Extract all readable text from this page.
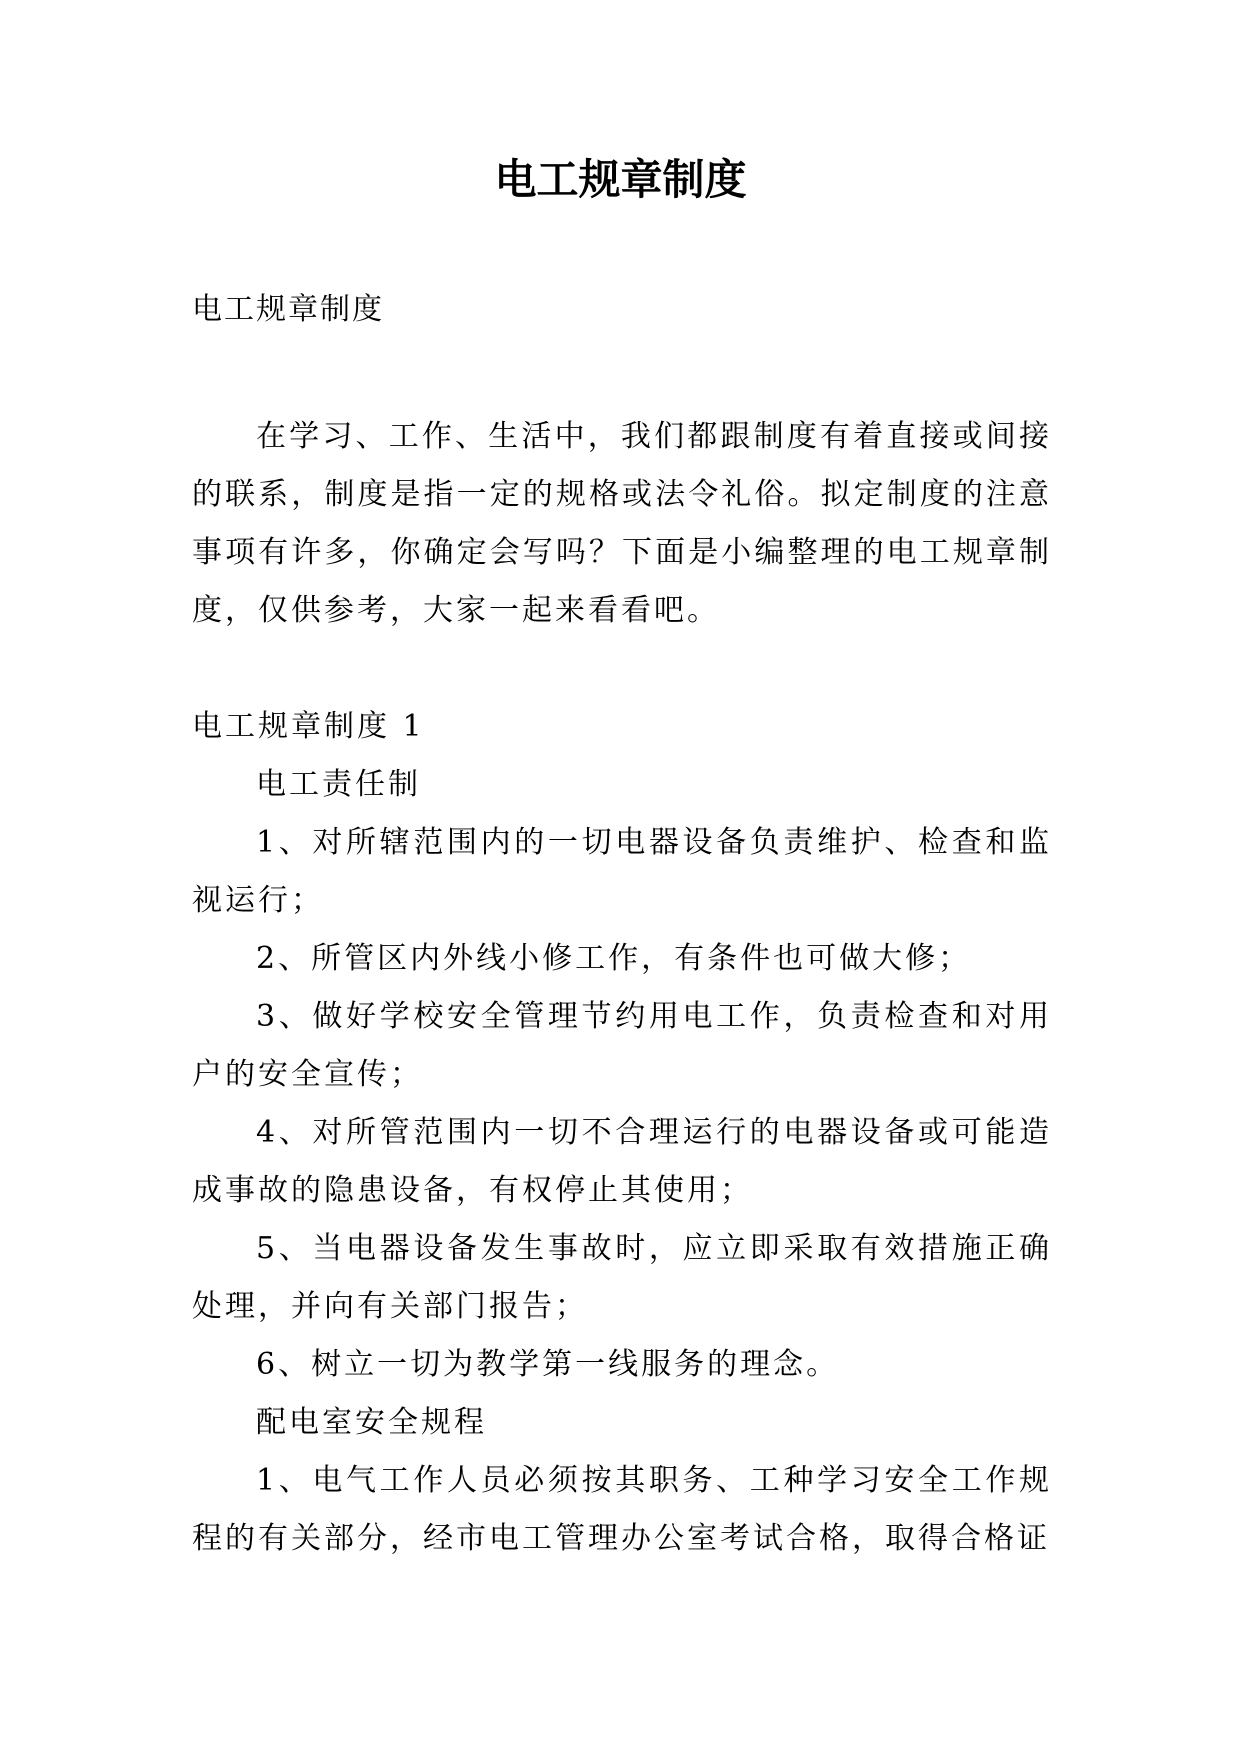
电工规章制度

电工规章制度

在学习、工作、生活中，我们都跟制度有着直接或间接的联系，制度是指一定的规格或法令礼俗。拟定制度的注意事项有许多，你确定会写吗？下面是小编整理的电工规章制度，仅供参考，大家一起来看看吧。

电工规章制度 1

电工责任制

1、对所辖范围内的一切电器设备负责维护、检查和监视运行；

2、所管区内外线小修工作，有条件也可做大修；

3、做好学校安全管理节约用电工作，负责检查和对用户的安全宣传；

4、对所管范围内一切不合理运行的电器设备或可能造成事故的隐患设备，有权停止其使用；

5、当电器设备发生事故时，应立即采取有效措施正确处理，并向有关部门报告；

6、树立一切为教学第一线服务的理念。

配电室安全规程

1、电气工作人员必须按其职务、工种学习安全工作规程的有关部分，经市电工管理办公室考试合格，取得合格证
